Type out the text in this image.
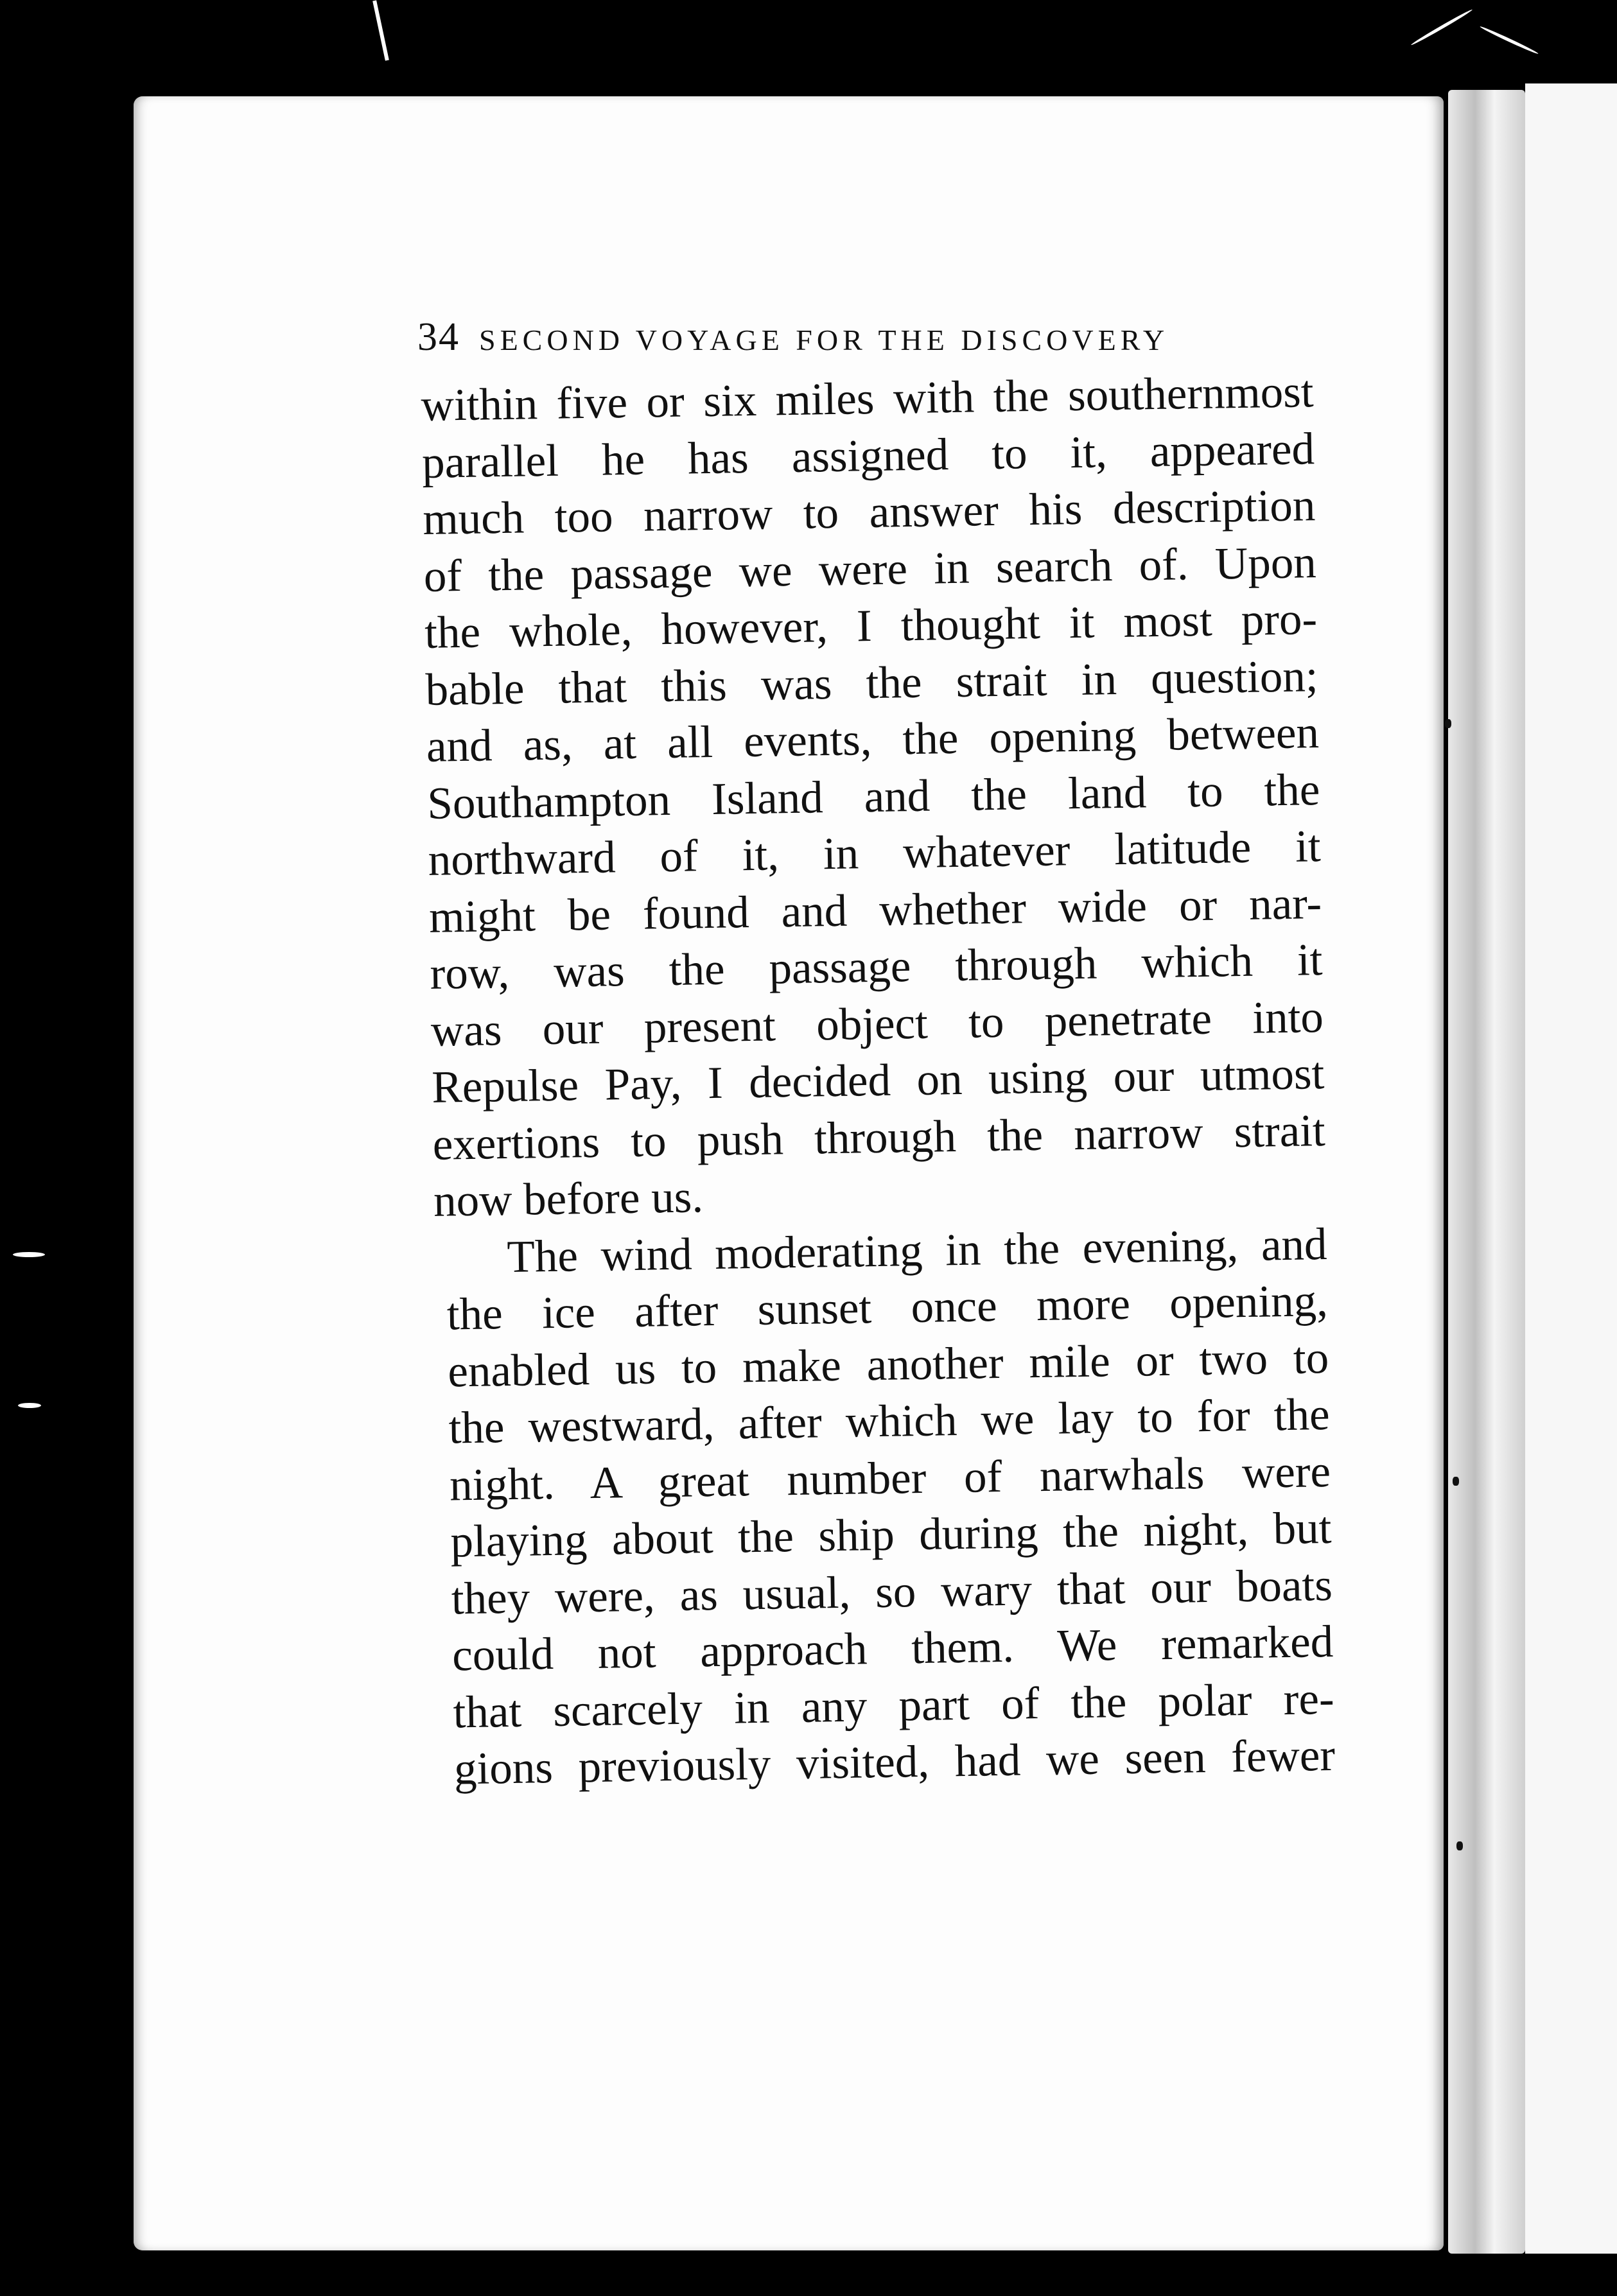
34 SECOND VOYAGE FOR THE DISCOVERY
within five or six miles with the southernmost
parallel he has assigned to it, appeared
much too narrow to answer his description
of the passage we were in search of. Upon
the whole, however, I thought it most pro-
bable that this was the strait in question;
and as, at all events, the opening between
Southampton Island and the land to the
northward of it, in whatever latitude it
might be found and whether wide or nar-
row, was the passage through which it
was our present object to penetrate into
Repulse Pay, I decided on using our utmost
exertions to push through the narrow strait
now before us.
The wind moderating in the evening, and
the ice after sunset once more opening,
enabled us to make another mile or two to
the westward, after which we lay to for the
night. A great number of narwhals were
playing about the ship during the night, but
they were, as usual, so wary that our boats
could not approach them. We remarked
that scarcely in any part of the polar re-
gions previously visited, had we seen fewer
